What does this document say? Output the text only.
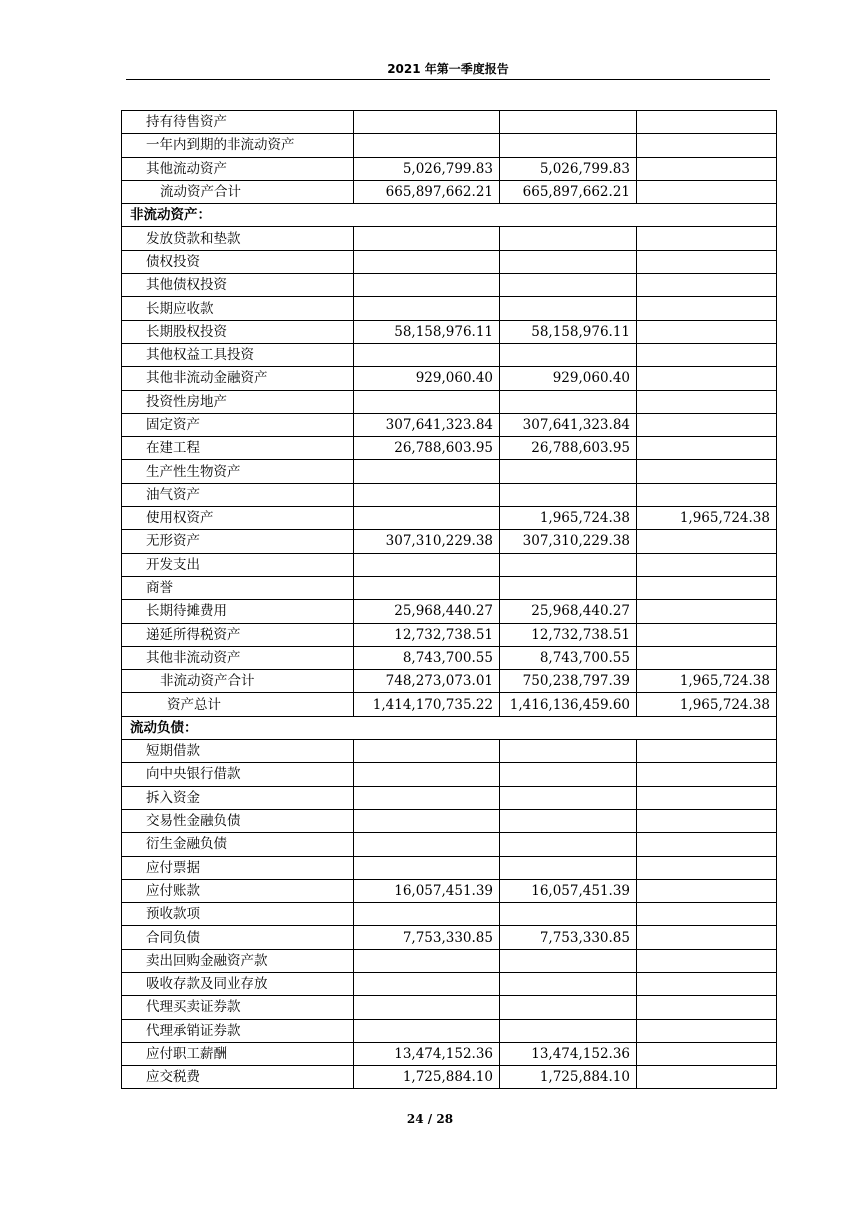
2021 年第一季度报告
持有待售资产			
一年内到期的非流动资产			
其他流动资产	5,026,799.83	5,026,799.83	
流动资产合计	665,897,662.21	665,897,662.21	
非流动资产：			
发放贷款和垫款			
债权投资			
其他债权投资			
长期应收款			
长期股权投资	58,158,976.11	58,158,976.11	
其他权益工具投资			
其他非流动金融资产	929,060.40	929,060.40	
投资性房地产			
固定资产	307,641,323.84	307,641,323.84	
在建工程	26,788,603.95	26,788,603.95	
生产性生物资产			
油气资产			
使用权资产		1,965,724.38	1,965,724.38
无形资产	307,310,229.38	307,310,229.38	
开发支出			
商誉			
长期待摊费用	25,968,440.27	25,968,440.27	
递延所得税资产	12,732,738.51	12,732,738.51	
其他非流动资产	8,743,700.55	8,743,700.55	
非流动资产合计	748,273,073.01	750,238,797.39	1,965,724.38
资产总计	1,414,170,735.22	1,416,136,459.60	1,965,724.38
流动负债：			
短期借款			
向中央银行借款			
拆入资金			
交易性金融负债			
衍生金融负债			
应付票据			
应付账款	16,057,451.39	16,057,451.39	
预收款项			
合同负债	7,753,330.85	7,753,330.85	
卖出回购金融资产款			
吸收存款及同业存放			
代理买卖证券款			
代理承销证券款			
应付职工薪酬	13,474,152.36	13,474,152.36	
应交税费	1,725,884.10	1,725,884.10	
24 / 28
